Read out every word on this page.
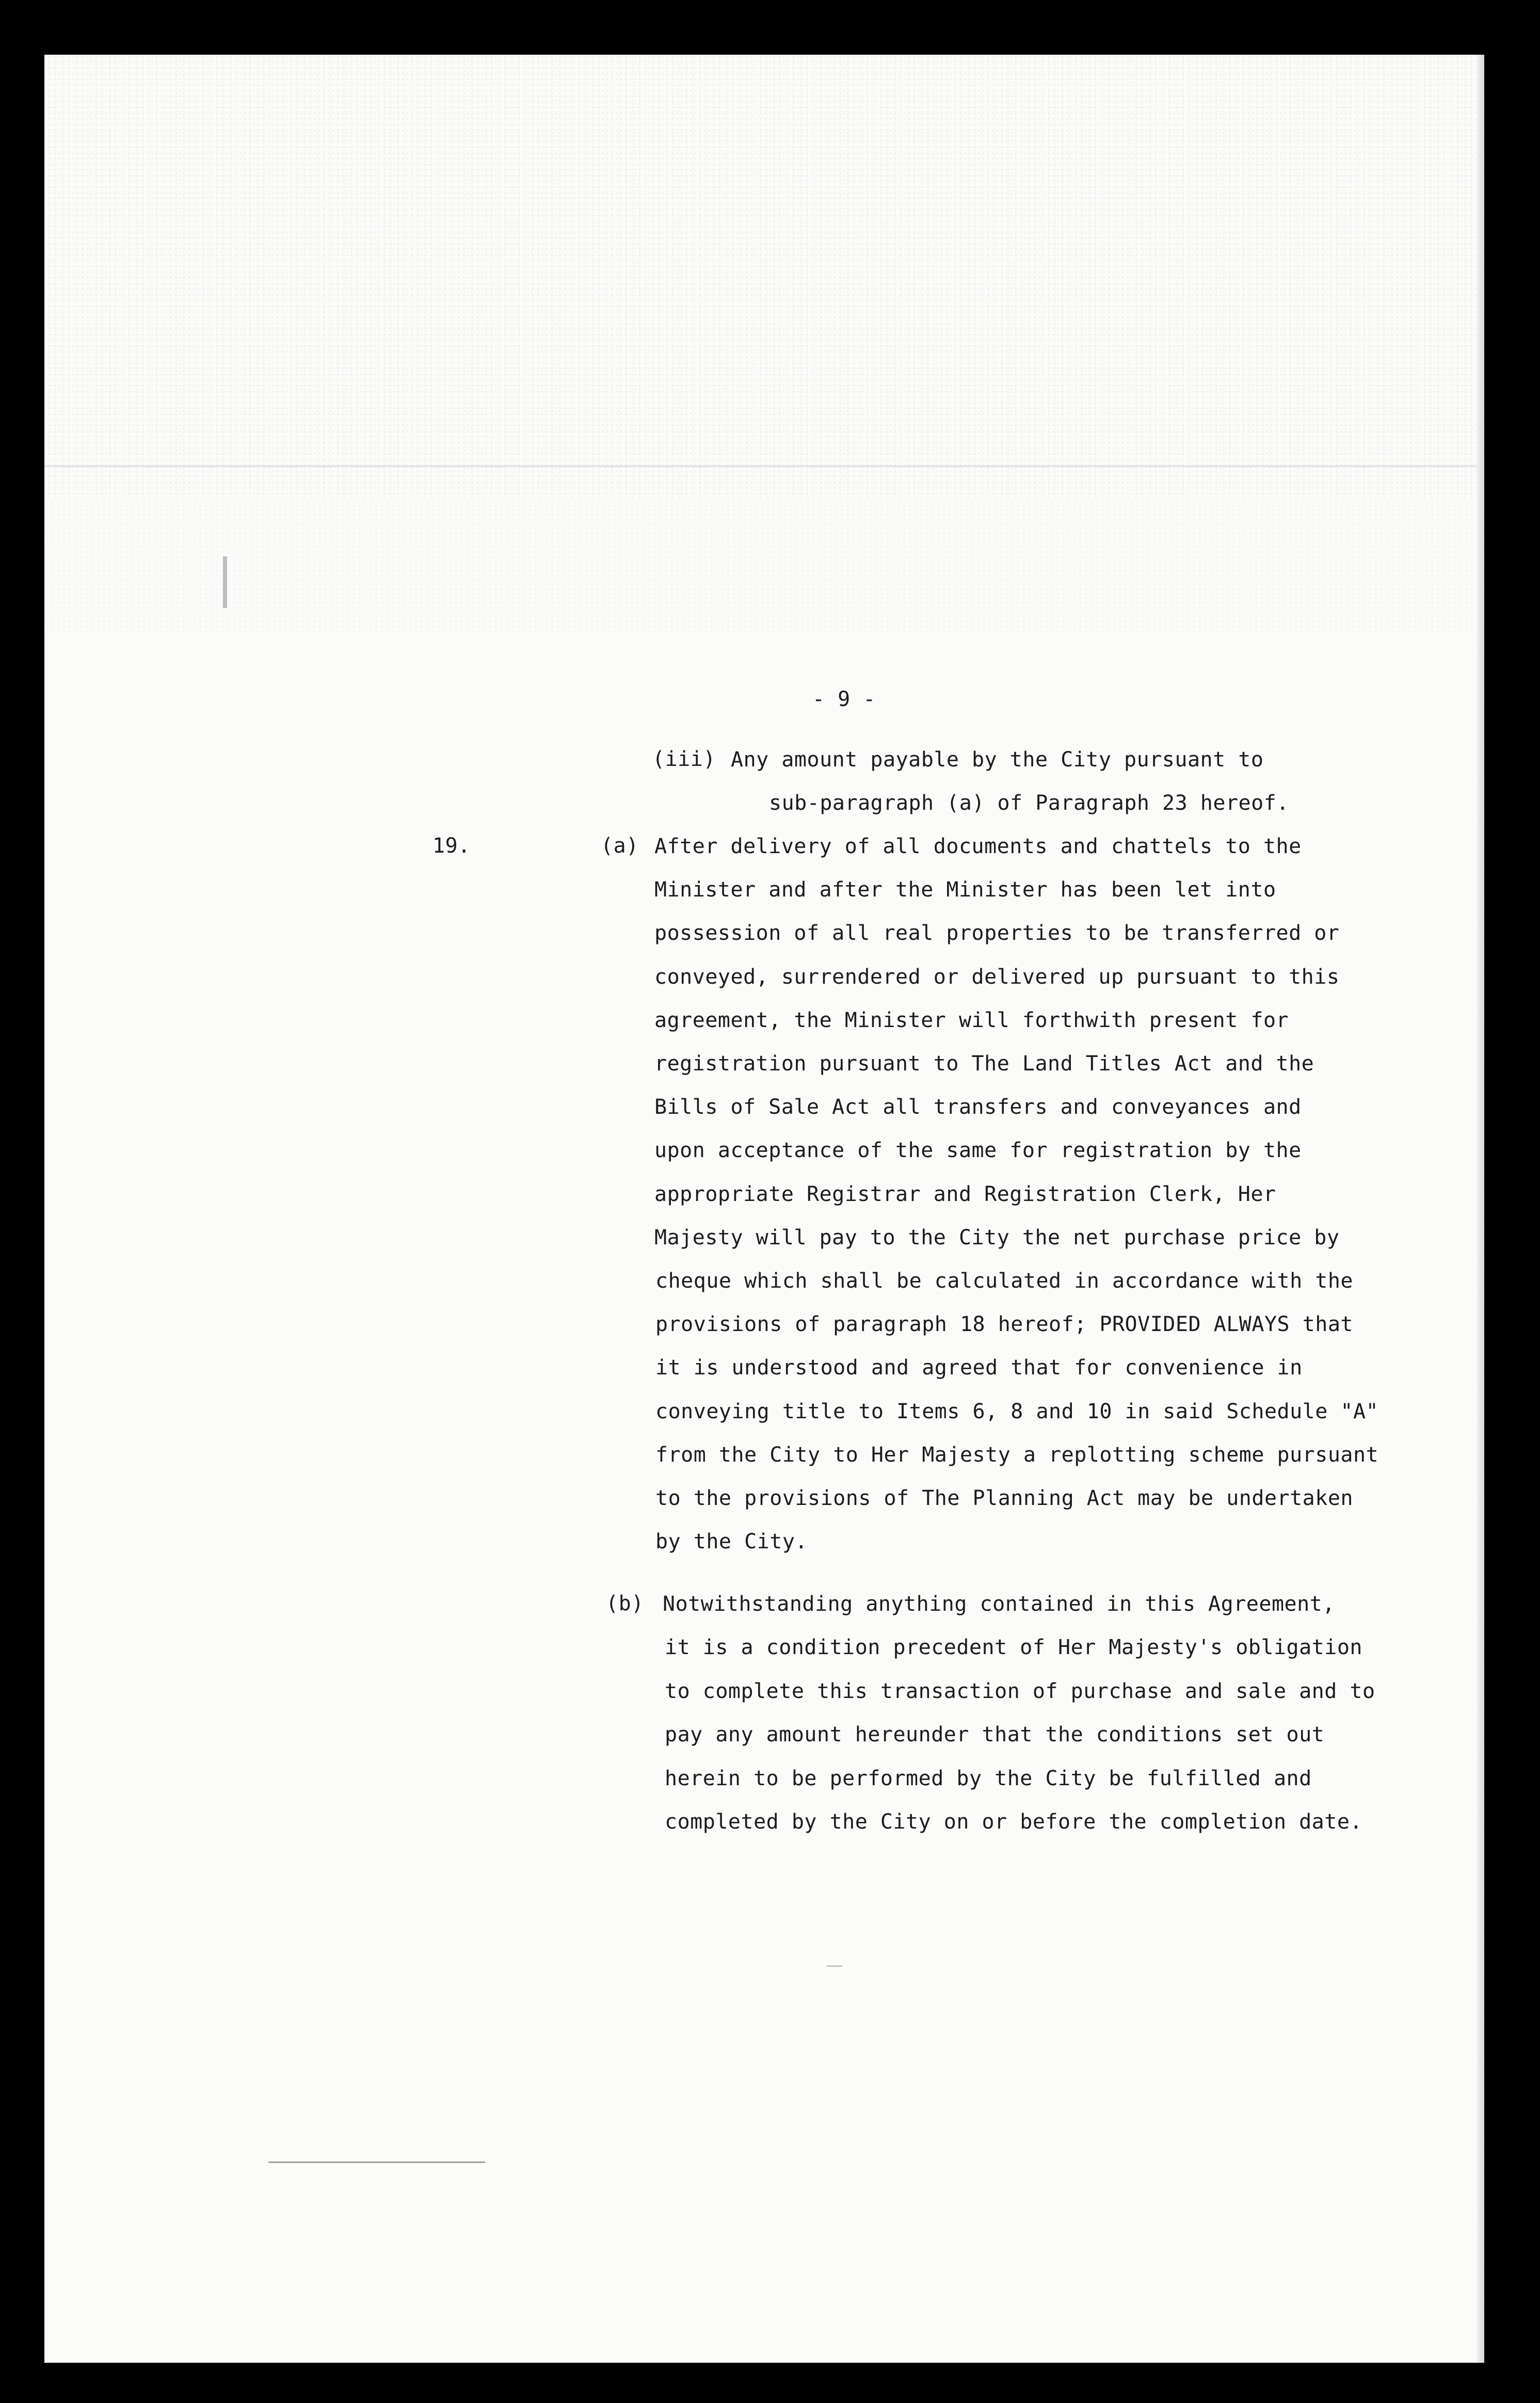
- 9 -
(iii) Any amount payable by the City pursuant to
sub-paragraph (a) of Paragraph 23 hereof.
19.	(a) After delivery of all documents and chattels to the
Minister and after the Minister has been let into
possession of all real properties to be transferred or
conveyed, surrendered or delivered up pursuant to this
agreement, the Minister will forthwith present for
registration pursuant to The Land Titles Act and the
Bills of Sale Act all transfers and conveyances and
upon acceptance of the same for registration by the
appropriate Registrar and Registration Clerk, Her
Majesty will pay to the City the net purchase price by
cheque which shall be calculated in accordance with the
provisions of paragraph 18 hereof; PROVIDED ALWAYS that
it is understood and agreed that for convenience in
conveying title to Items 6, 8 and 10 in said Schedule "A"
from the City to Her Majesty a replotting scheme pursuant
to the provisions of The Planning Act may be undertaken
by the City.
(b) Notwithstanding anything contained in this Agreement,
it is a condition precedent of Her Majesty's obligation
to complete this transaction of purchase and sale and to
pay any amount hereunder that the conditions set out
herein to be performed by the City be fulfilled and
completed by the City on or before the completion date.
